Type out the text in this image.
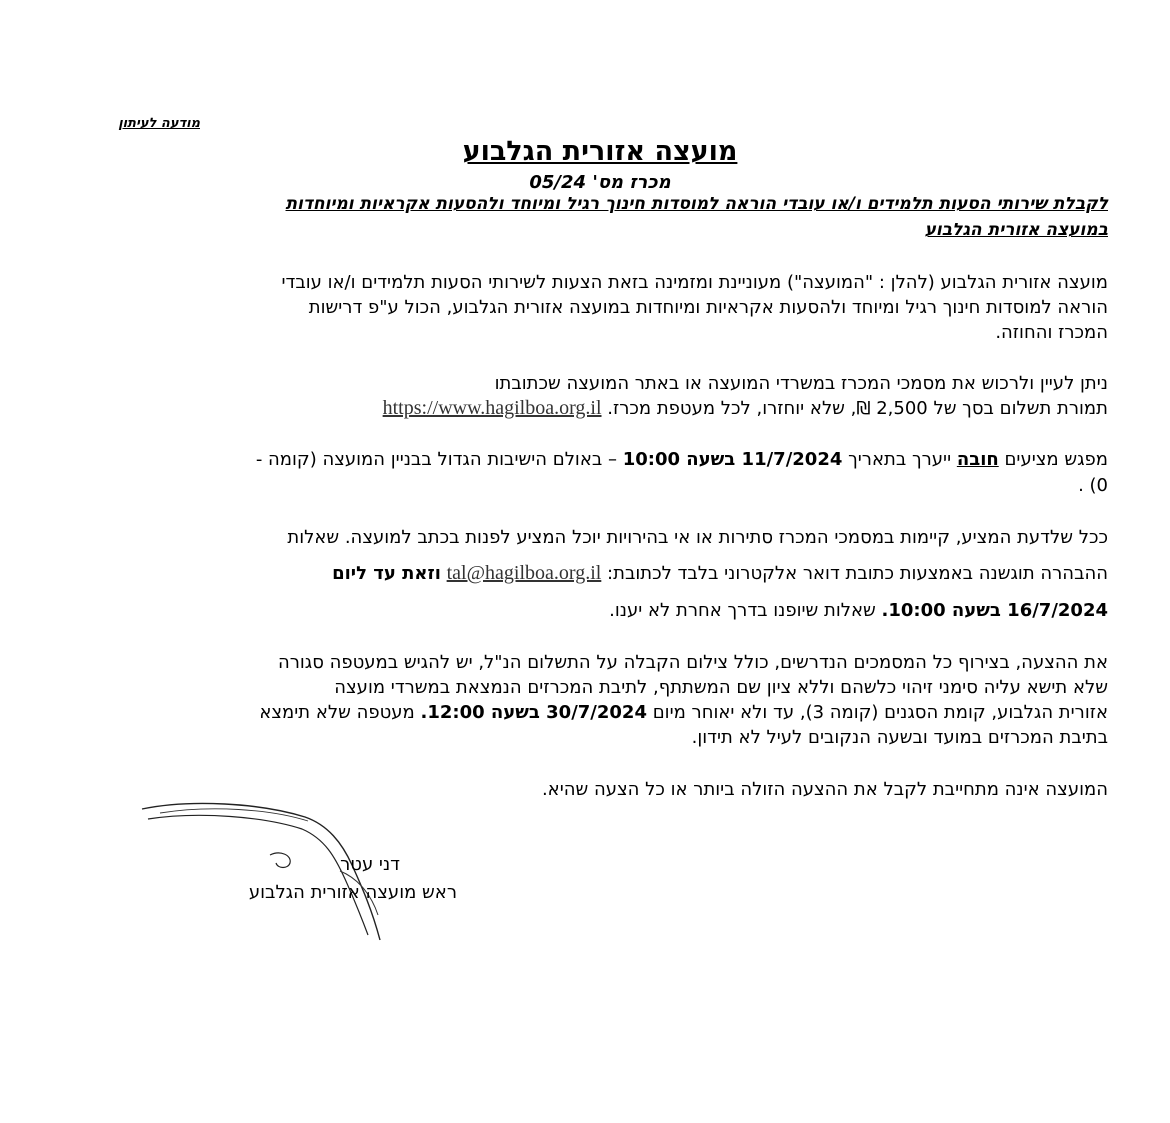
מודעה לעיתון

מועצה אזורית הגלבוע

מכרז מס' 05/24

לקבלת שירותי הסעות תלמידים ו/או עובדי הוראה למוסדות חינוך רגיל ומיוחד ולהסעות אקראיות ומיוחדות

במועצה אזורית הגלבוע

מועצה אזורית הגלבוע (להלן : "המועצה") מעוניינת ומזמינה בזאת הצעות לשירותי הסעות תלמידים ו/או עובדי

הוראה למוסדות חינוך רגיל ומיוחד ולהסעות אקראיות ומיוחדות במועצה אזורית הגלבוע, הכול ע"פ דרישות

המכרז והחוזה.

ניתן לעיין ולרכוש את מסמכי המכרז במשרדי המועצה או באתר המועצה שכתובתו

תמורת תשלום בסך של 2,500 ₪, שלא יוחזרו, לכל מעטפת מכרז. https://www.hagilboa.org.il

מפגש מציעים חובה ייערך בתאריך 11/7/2024 בשעה 10:00 – באולם הישיבות הגדול בבניין המועצה (קומה -

0) .

ככל שלדעת המציע, קיימות במסמכי המכרז סתירות או אי בהירויות יוכל המציע לפנות בכתב למועצה. שאלות

ההבהרה תוגשנה באמצעות כתובת דואר אלקטרוני בלבד לכתובת: tal@hagilboa.org.il וזאת עד ליום

16/7/2024 בשעה 10:00. שאלות שיופנו בדרך אחרת לא יענו.

את ההצעה, בצירוף כל המסמכים הנדרשים, כולל צילום הקבלה על התשלום הנ"ל, יש להגיש במעטפה סגורה

שלא תישא עליה סימני זיהוי כלשהם וללא ציון שם המשתתף, לתיבת המכרזים הנמצאת במשרדי מועצה

אזורית הגלבוע, קומת הסגנים (קומה 3), עד ולא יאוחר מיום 30/7/2024 בשעה 12:00. מעטפה שלא תימצא

בתיבת המכרזים במועד ובשעה הנקובים לעיל לא תידון.

המועצה אינה מתחייבת לקבל את ההצעה הזולה ביותר או כל הצעה שהיא.

דני עטר

ראש מועצה אזורית הגלבוע
